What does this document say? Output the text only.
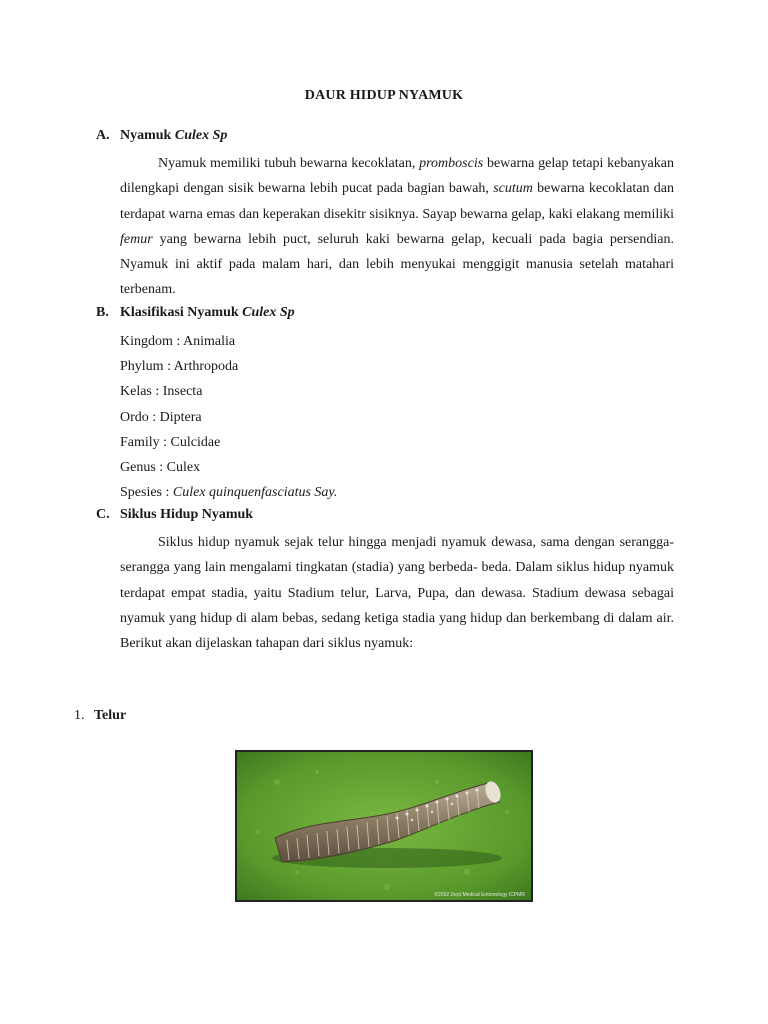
DAUR HIDUP NYAMUK
A. Nyamuk Culex Sp
Nyamuk memiliki tubuh bewarna kecoklatan, promboscis bewarna gelap tetapi kebanyakan dilengkapi dengan sisik bewarna lebih pucat pada bagian bawah, scutum bewarna kecoklatan dan terdapat warna emas dan keperakan disekitr sisiknya. Sayap bewarna gelap, kaki elakang memiliki femur yang bewarna lebih puct, seluruh kaki bewarna gelap, kecuali pada bagia persendian. Nyamuk ini aktif pada malam hari, dan lebih menyukai menggigit manusia setelah matahari terbenam.
B. Klasifikasi Nyamuk Culex Sp
Kingdom : Animalia
Phylum : Arthropoda
Kelas : Insecta
Ordo : Diptera
Family : Culcidae
Genus : Culex
Spesies : Culex quinquenfasciatus Say.
C. Siklus Hidup Nyamuk
Siklus hidup nyamuk sejak telur hingga menjadi nyamuk dewasa, sama dengan serangga- serangga yang lain mengalami tingkatan (stadia) yang berbeda- beda. Dalam siklus hidup nyamuk terdapat empat stadia, yaitu Stadium telur, Larva, Pupa, dan dewasa. Stadium dewasa sebagai nyamuk yang hidup di alam bebas, sedang ketiga stadia yang hidup dan berkembang di dalam air. Berikut akan dijelaskan tahapan dari siklus nyamuk:
1. Telur
©2002 Dept Medical Entomology ICPMR
